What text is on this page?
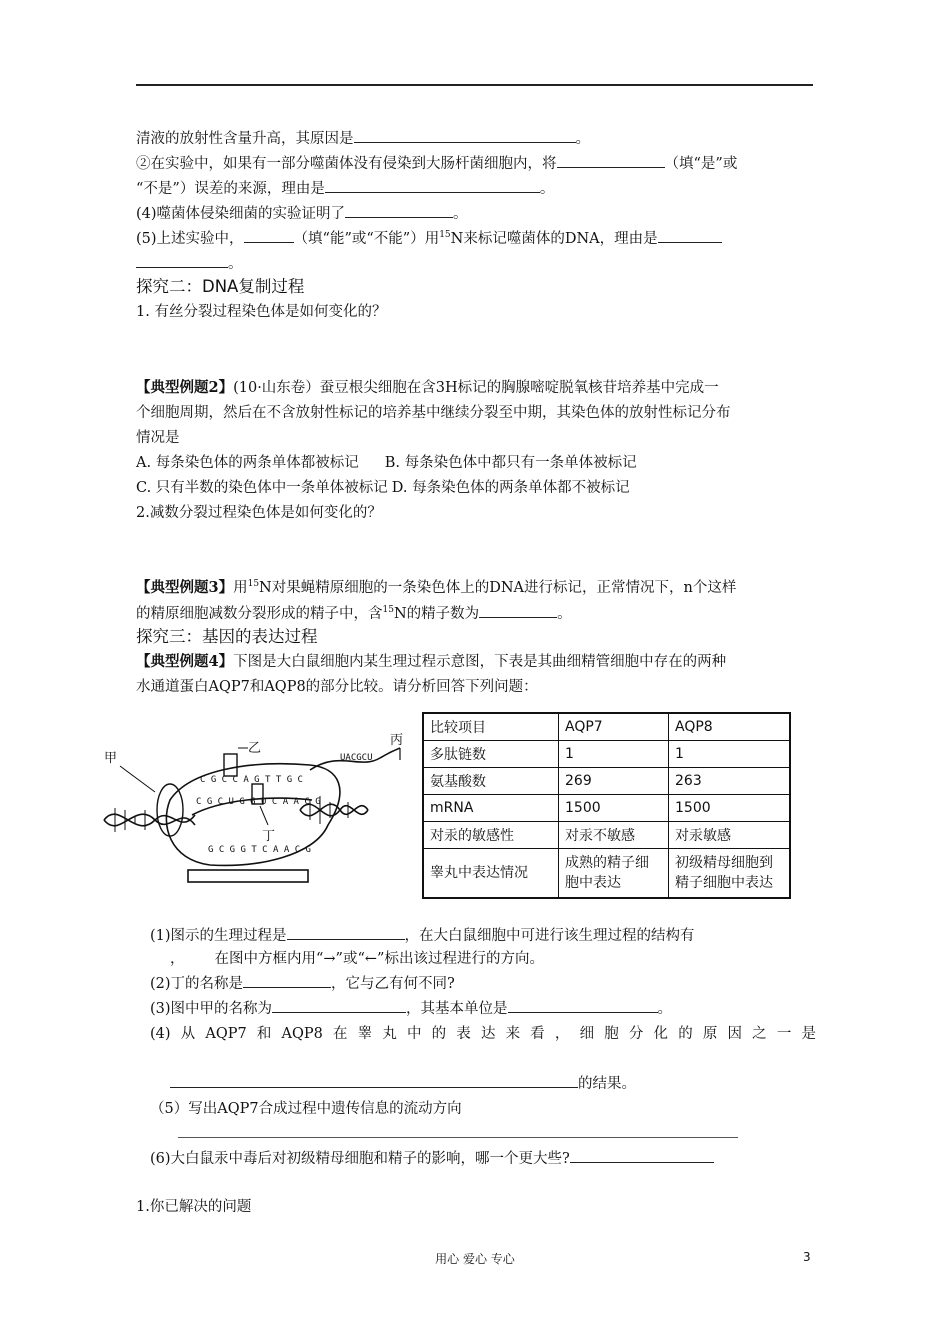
清液的放射性含量升高，其原因是	。
②在实验中，如果有一部分噬菌体没有侵染到大肠杆菌细胞内，将	（填“是”或
“不是”）误差的来源，理由是	。
(4)噬菌体侵染细菌的实验证明了	。
(5)上述实验中，	（填“能”或“不能”）用$^{15}$N来标记噬菌体的DNA，理由是
。
探究二：DNA复制过程
1. 有丝分裂过程染色体是如何变化的？
【典型例题2】(10·山东卷）蚕豆根尖细胞在含3H标记的胸腺嘧啶脱氧核苷培养基中完成一
个细胞周期，然后在不含放射性标记的培养基中继续分裂至中期，其染色体的放射性标记分布
情况是
A. 每条染色体的两条单体都被标记 B. 每条染色体中都只有一条单体被标记
C. 只有半数的染色体中一条单体被标记 D. 每条染色体的两条单体都不被标记
2.减数分裂过程染色体是如何变化的？
【典型例题3】用$^{15}$N对果蝇精原细胞的一条染色体上的DNA进行标记，正常情况下，n个这样
的精原细胞减数分裂形成的精子中，含$^{15}$N的精子数为	。
探究三：基因的表达过程
【典型例题4】下图是大白鼠细胞内某生理过程示意图，下表是其曲细精管细胞中存在的两种
水通道蛋白AQP7和AQP8的部分比较。请分析回答下列问题：
C G C C A G T T G C
C G C U G G U C A A C G
G C G G T C A A C G
UACGCU
甲
乙
丙
丁
比较项目	AQP7	AQP8
多肽链数	1	1
氨基酸数	269	263
mRNA	1500	1500
对汞的敏感性	对汞不敏感	对汞敏感
睾丸中表达情况	成熟的精子细胞中表达	初级精母细胞到精子细胞中表达
(1)图示的生理过程是	，在大白鼠细胞中可进行该生理过程的结构有
， 在图中方框内用“→”或“←”标出该过程进行的方向。
(2)丁的名称是	，它与乙有何不同?
(3)图中甲的名称为	，其基本单位是	。
(4) 从 AQP7 和 AQP8 在 睾 丸 中 的 表 达 来 看 ， 细 胞 分 化 的 原 因 之 一 是
的结果。
（5）写出AQP7合成过程中遗传信息的流动方向
(6)大白鼠汞中毒后对初级精母细胞和精子的影响，哪一个更大些?
1.你已解决的问题
用心 爱心 专心	3
